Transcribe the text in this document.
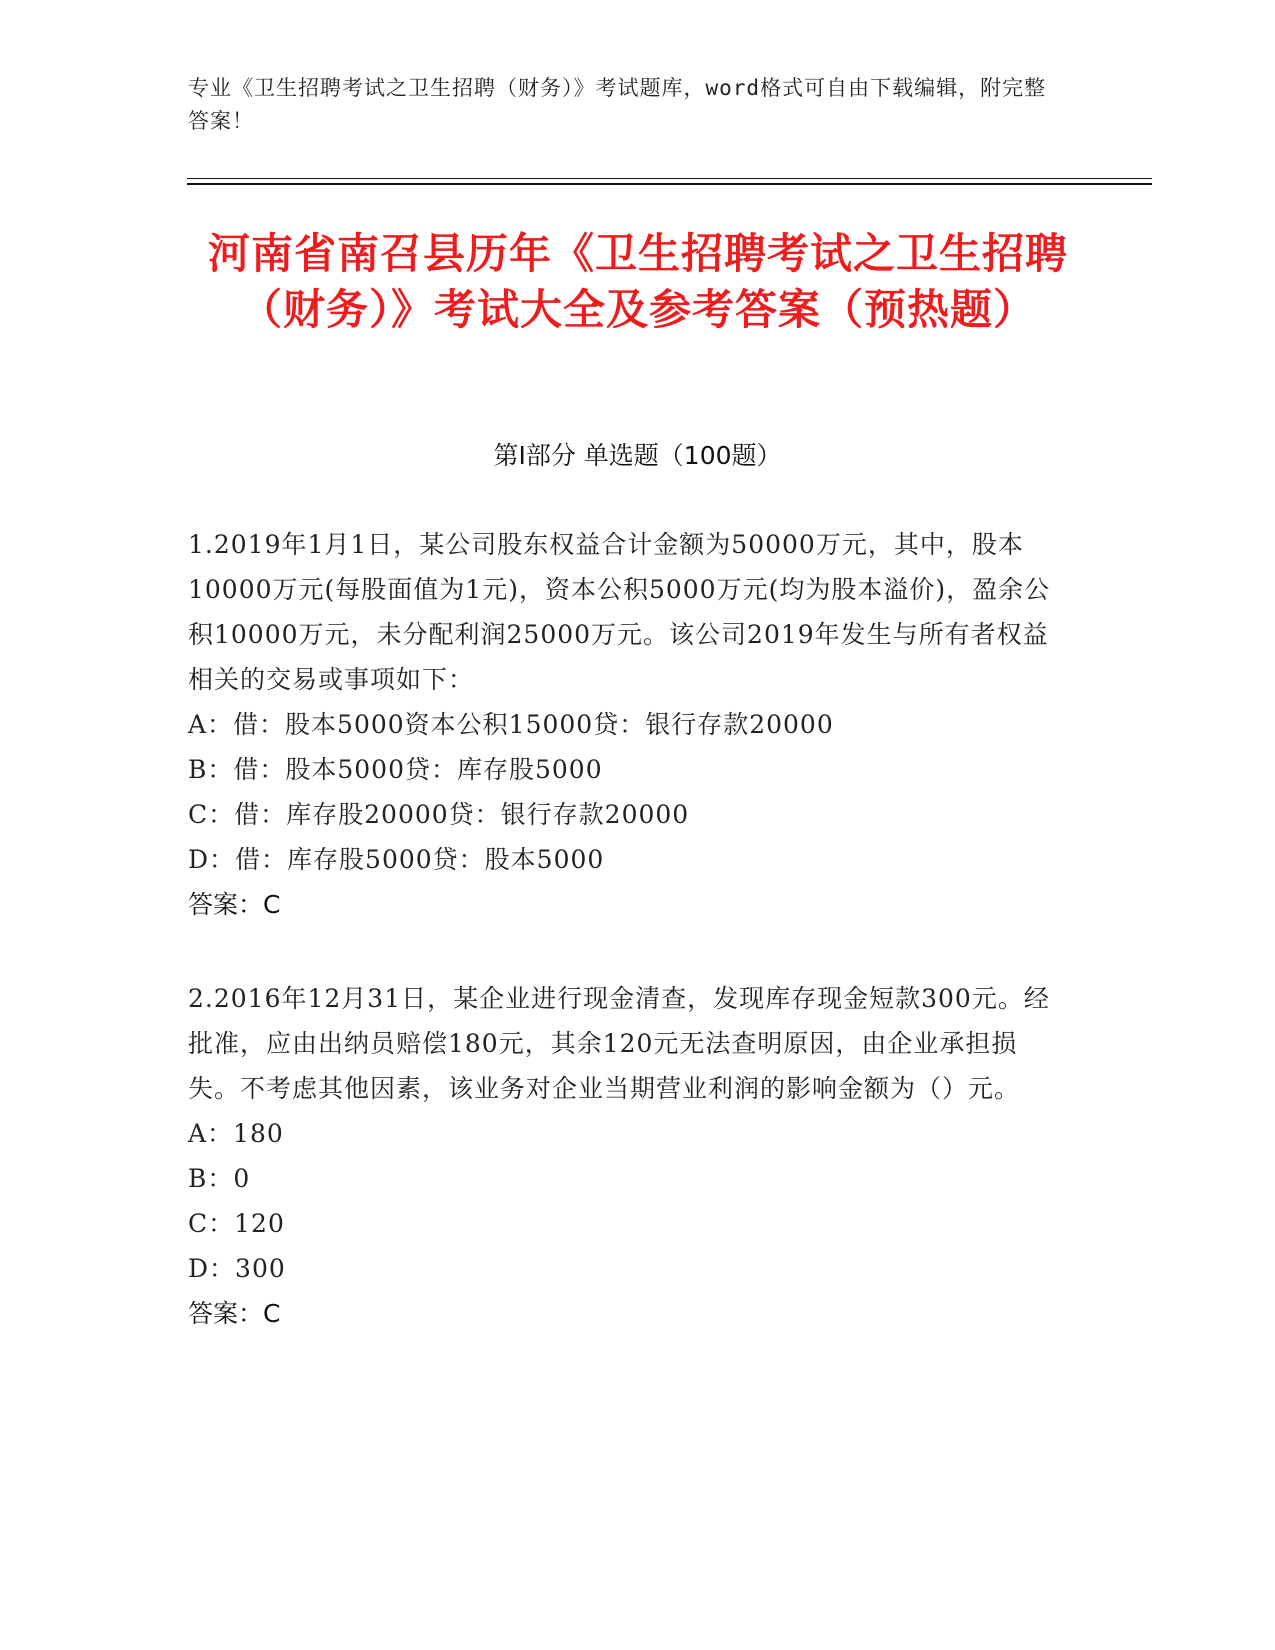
专业《卫生招聘考试之卫生招聘（财务）》考试题库，word格式可自由下载编辑，附完整答案！
河南省南召县历年《卫生招聘考试之卫生招聘（财务）》考试大全及参考答案（预热题）
第I部分 单选题（100题）

1.2019年1月1日，某公司股东权益合计金额为50000万元，其中，股本10000万元(每股面值为1元)，资本公积5000万元(均为股本溢价)，盈余公积10000万元，未分配利润25000万元。该公司2019年发生与所有者权益相关的交易或事项如下：

A：借：股本5000资本公积15000贷：银行存款20000

B：借：股本5000贷：库存股5000

C：借：库存股20000贷：银行存款20000

D：借：库存股5000贷：股本5000

答案：C

2.2016年12月31日，某企业进行现金清查，发现库存现金短款300元。经批准，应由出纳员赔偿180元，其余120元无法查明原因，由企业承担损失。不考虑其他因素，该业务对企业当期营业利润的影响金额为（）元。

A：180

B：0

C：120

D：300

答案：C
